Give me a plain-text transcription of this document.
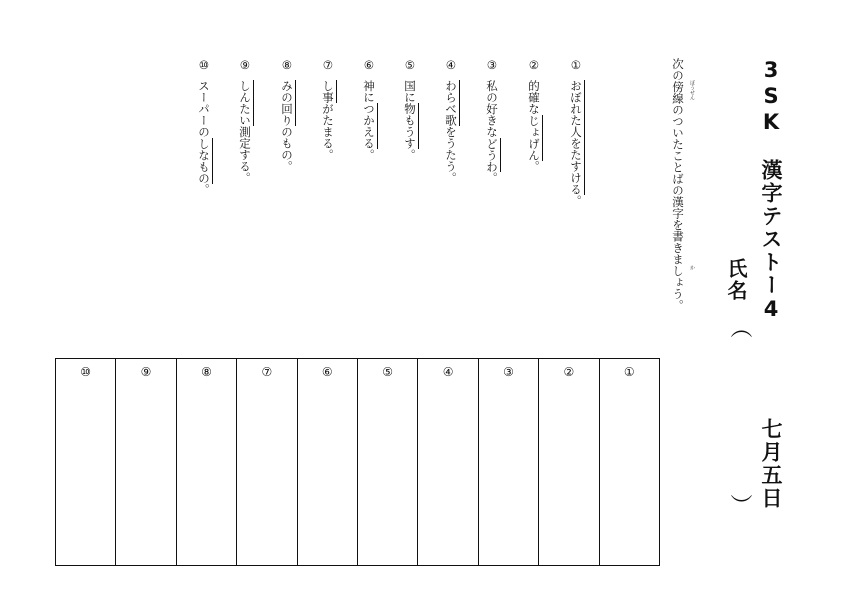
3SK　漢字テストー4
七月五日
氏名
（
）
次の傍線のついたことばの漢字を書きましょう。 ぼうせん
か
①おぼれた人をたすける。
②的確なじょげん。
③私の好きなどうわ。
④わらべ歌をうたう。
⑤国に物もうす。
⑥神につかえる。
⑦し事がたまる。
⑧みの回りのもの。
⑨しんたい測定する。
⑩スーパーのしなもの。
①
②
③
④
⑤
⑥
⑦
⑧
⑨
⑩
